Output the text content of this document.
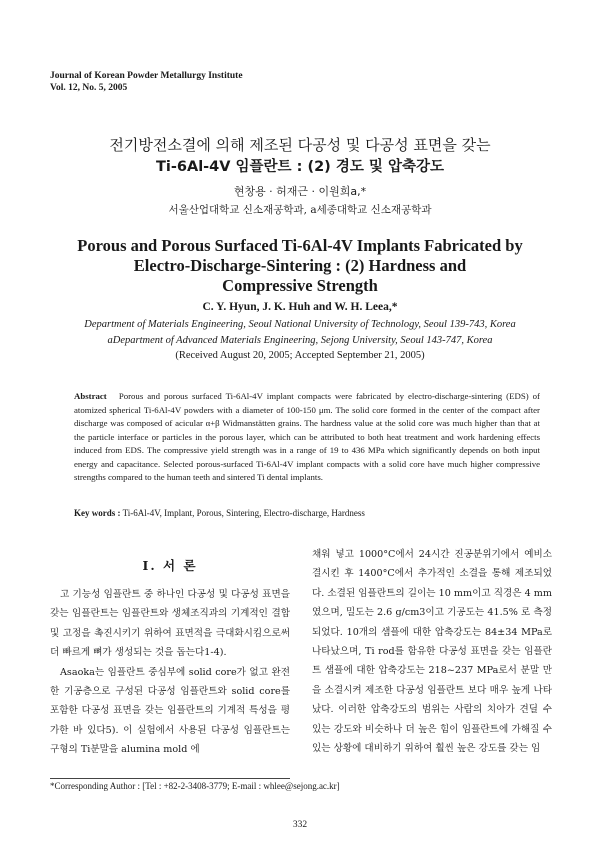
Journal of Korean Powder Metallurgy Institute
Vol. 12, No. 5, 2005
전기방전소결에 의해 제조된 다공성 및 다공성 표면을 갖는
Ti-6Al-4V 임플란트 : (2) 경도 및 압축강도
현창용 · 허재근 · 이원희a,*
서울산업대학교 신소재공학과, a세종대학교 신소재공학과
Porous and Porous Surfaced Ti-6Al-4V Implants Fabricated by
Electro-Discharge-Sintering : (2) Hardness and
Compressive Strength
C. Y. Hyun, J. K. Huh and W. H. Leea,*
Department of Materials Engineering, Seoul National University of Technology, Seoul 139-743, Korea
aDepartment of Advanced Materials Engineering, Sejong University, Seoul 143-747, Korea
(Received August 20, 2005; Accepted September 21, 2005)
Abstract Porous and porous surfaced Ti-6Al-4V implant compacts were fabricated by electro-discharge-sintering (EDS) of atomized spherical Ti-6Al-4V powders with a diameter of 100-150 μm. The solid core formed in the center of the compact after discharge was composed of acicular α+β Widmanstätten grains. The hardness value at the solid core was much higher than that at the particle interface or particles in the porous layer, which can be attributed to both heat treatment and work hardening effects induced from EDS. The compressive yield strength was in a range of 19 to 436 MPa which significantly depends on both input energy and capacitance. Selected porous-surfaced Ti-6Al-4V implant compacts with a solid core have much higher compressive strengths compared to the human teeth and sintered Ti dental implants.
Key words : Ti-6Al-4V, Implant, Porous, Sintering, Electro-discharge, Hardness
I. 서 론

고 기능성 임플란트 중 하나인 다공성 및 다공성 표면을 갖는 임플란트는 임플란트와 생체조직과의 기계적인 결합 및 고정을 촉진시키기 위하여 표면적을 극대화시킴으로써 더 빠르게 뼈가 생성되는 것을 돕는다1-4).

Asaoka는 임플란트 중심부에 solid core가 없고 완전한 기공층으로 구성된 다공성 임플란트와 solid core를 포함한 다공성 표면을 갖는 임플란트의 기계적 특성을 평가한 바 있다5). 이 실험에서 사용된 다공성 임플란트는 구형의 Ti분말을 alumina mold 에

채워 넣고 1000°C에서 24시간 진공분위기에서 예비소결시킨 후 1400°C에서 추가적인 소결을 통해 제조되었다. 소결된 임플란트의 길이는 10 mm이고 직경은 4 mm였으며, 밀도는 2.6 g/cm3이고 기공도는 41.5% 로 측정되었다. 10개의 샘플에 대한 압축강도는 84±34 MPa로 나타났으며, Ti rod를 함유한 다공성 표면을 갖는 임플란트 샘플에 대한 압축강도는 218~237 MPa로서 분말 만을 소결시켜 제조한 다공성 임플란트 보다 매우 높게 나타났다. 이러한 압축강도의 범위는 사람의 치아가 견딜 수 있는 강도와 비슷하나 더 높은 힘이 임플란트에 가해질 수 있는 상황에 대비하기 위하여 훨씬 높은 강도를 갖는 임

*Corresponding Author : [Tel : +82-2-3408-3779; E-mail : whlee@sejong.ac.kr]
332
